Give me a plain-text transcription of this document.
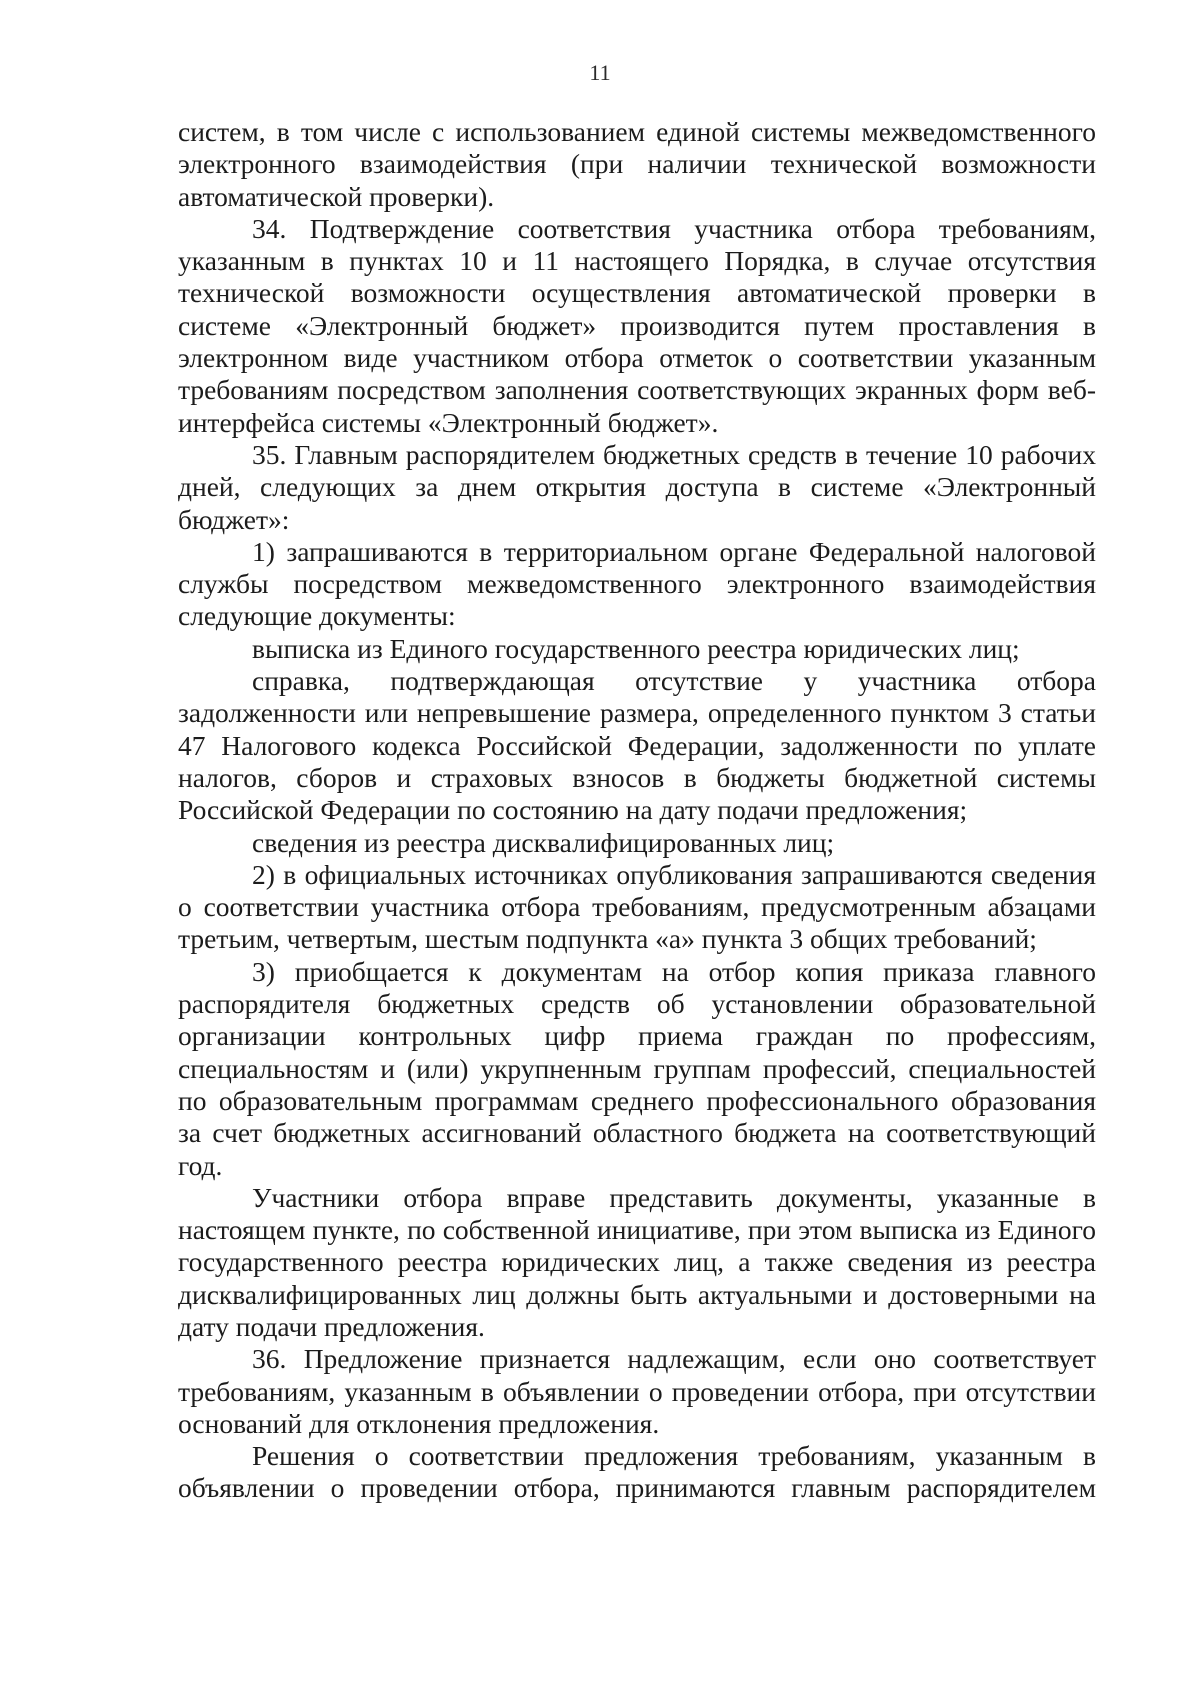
11

систем, в том числе с использованием единой системы межведомственного электронного взаимодействия (при наличии технической возможности автоматической проверки).

34. Подтверждение соответствия участника отбора требованиям, указанным в пунктах 10 и 11 настоящего Порядка, в случае отсутствия технической возможности осуществления автоматической проверки в системе «Электронный бюджет» производится путем проставления в электронном виде участником отбора отметок о соответствии указанным требованиям посредством заполнения соответствующих экранных форм веб-интерфейса системы «Электронный бюджет».

35. Главным распорядителем бюджетных средств в течение 10 рабочих дней, следующих за днем открытия доступа в системе «Электронный бюджет»:

1) запрашиваются в территориальном органе Федеральной налоговой службы посредством межведомственного электронного взаимодействия следующие документы:

выписка из Единого государственного реестра юридических лиц;

справка, подтверждающая отсутствие у участника отбора задолженности или непревышение размера, определенного пунктом 3 статьи 47 Налогового кодекса Российской Федерации, задолженности по уплате налогов, сборов и страховых взносов в бюджеты бюджетной системы Российской Федерации по состоянию на дату подачи предложения;

сведения из реестра дисквалифицированных лиц;

2) в официальных источниках опубликования запрашиваются сведения о соответствии участника отбора требованиям, предусмотренным абзацами третьим, четвертым, шестым подпункта «а» пункта 3 общих требований;

3) приобщается к документам на отбор копия приказа главного распорядителя бюджетных средств об установлении образовательной организации контрольных цифр приема граждан по профессиям, специальностям и (или) укрупненным группам профессий, специальностей по образовательным программам среднего профессионального образования за счет бюджетных ассигнований областного бюджета на соответствующий год.

Участники отбора вправе представить документы, указанные в настоящем пункте, по собственной инициативе, при этом выписка из Единого государственного реестра юридических лиц, а также сведения из реестра дисквалифицированных лиц должны быть актуальными и достоверными на дату подачи предложения.

36. Предложение признается надлежащим, если оно соответствует требованиям, указанным в объявлении о проведении отбора, при отсутствии оснований для отклонения предложения.

Решения о соответствии предложения требованиям, указанным в объявлении о проведении отбора, принимаются главным распорядителем
